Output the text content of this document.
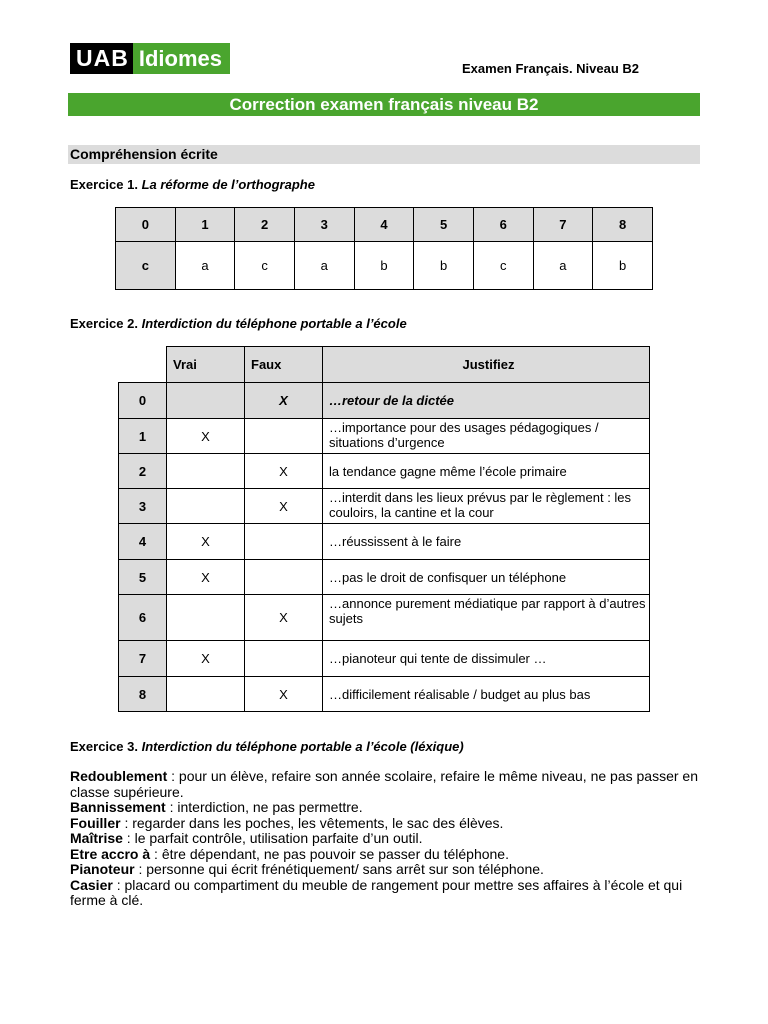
UAB Idiomes	Examen Français. Niveau B2
Correction examen français niveau B2
Compréhension écrite
Exercice 1. La réforme de l’orthographe
0	1	2	3	4	5	6	7	8
c	a	c	a	b	b	c	a	b
Exercice 2. Interdiction du téléphone portable a l’école
	Vrai	Faux	Justifiez
0		X	…retour de la dictée
1	X		…importance pour des usages pédagogiques / situations d’urgence
2		X	la tendance gagne même l’école primaire
3		X	…interdit dans les lieux prévus par le règlement : les couloirs, la cantine et la cour
4	X		…réussissent à le faire
5	X		…pas le droit de confisquer un téléphone
6		X	…annonce purement médiatique par rapport à d’autres sujets
7	X		…pianoteur qui tente de dissimuler …
8		X	…difficilement réalisable / budget au plus bas
Exercice 3. Interdiction du téléphone portable a l’école (léxique)

Redoublement : pour un élève, refaire son année scolaire, refaire le même niveau, ne pas passer en classe supérieure.

Bannissement : interdiction, ne pas permettre.

Fouiller : regarder dans les poches, les vêtements, le sac des élèves.

Maîtrise : le parfait contrôle, utilisation parfaite d’un outil.

Etre accro à : être dépendant, ne pas pouvoir se passer du téléphone.

Pianoteur : personne qui écrit frénétiquement/ sans arrêt sur son téléphone.

Casier : placard ou compartiment du meuble de rangement pour mettre ses affaires à l’école et qui ferme à clé.
